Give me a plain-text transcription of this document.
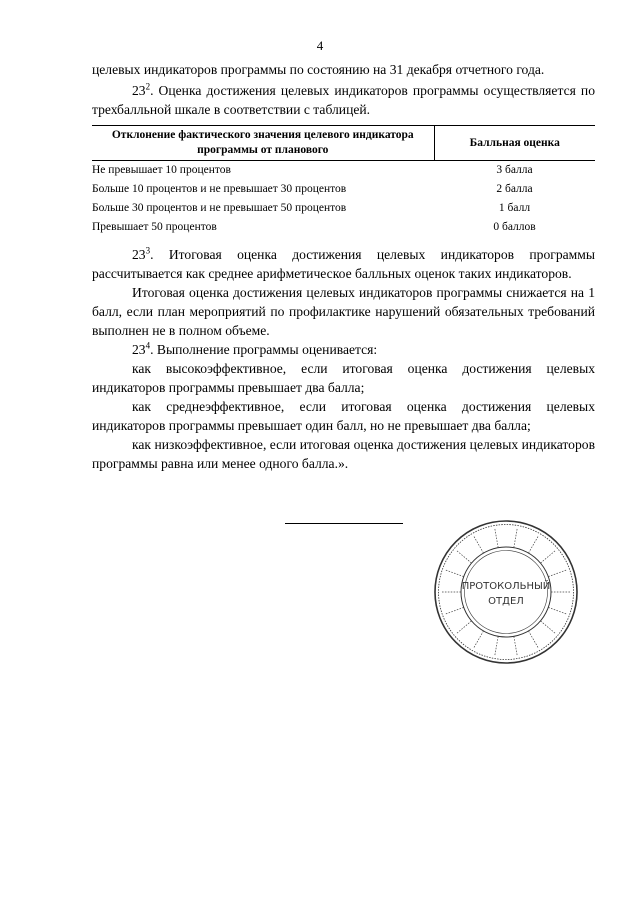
4

целевых индикаторов программы по состоянию на 31 декабря отчетного года.

$23^2$. Оценка достижения целевых индикаторов программы осуществляется по трехбалльной шкале в соответствии с таблицей.

Отклонение фактического значения целевого индикатора программы от планового	Балльная оценка
Не превышает 10 процентов	3 балла
Больше 10 процентов и не превышает 30 процентов	2 балла
Больше 30 процентов и не превышает 50 процентов	1 балл
Превышает 50 процентов	0 баллов

$23^3$. Итоговая оценка достижения целевых индикаторов программы рассчитывается как среднее арифметическое балльных оценок таких индикаторов.

Итоговая оценка достижения целевых индикаторов программы снижается на 1 балл, если план мероприятий по профилактике нарушений обязательных требований выполнен не в полном объеме.

$23^4$. Выполнение программы оценивается:

как высокоэффективное, если итоговая оценка достижения целевых индикаторов программы превышает два балла;

как среднеэффективное, если итоговая оценка достижения целевых индикаторов программы превышает один балл, но не превышает два балла;

как низкоэффективное, если итоговая оценка достижения целевых индикаторов программы равна или менее одного балла.».

ПРОТОКОЛЬНЫЙ
ОТДЕЛ
